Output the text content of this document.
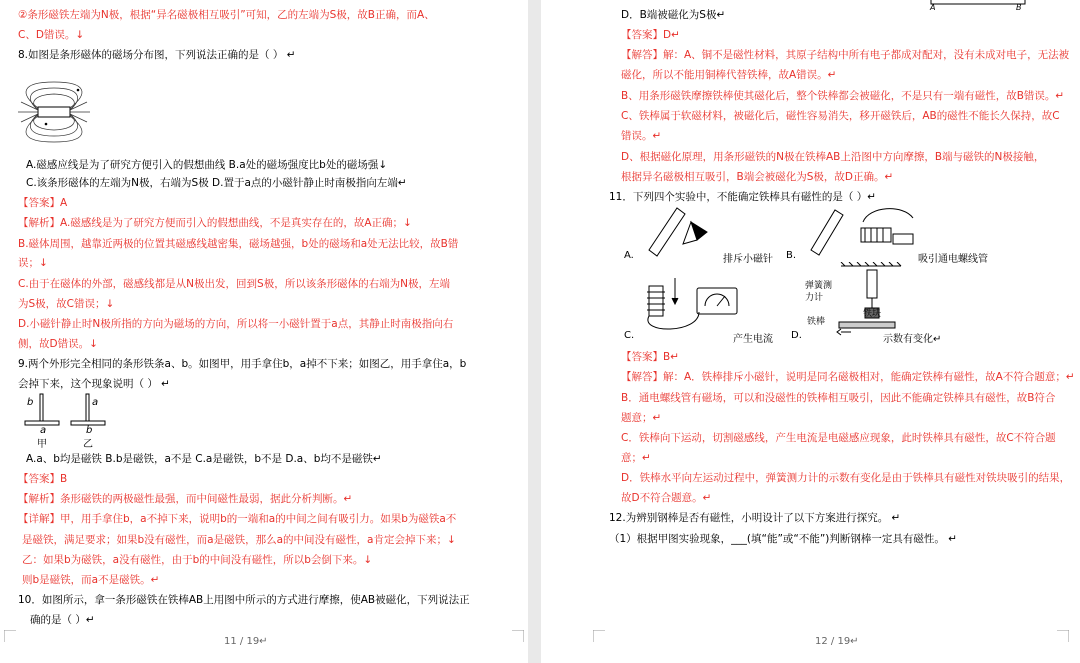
②条形磁铁左端为N极，根据“异名磁极相互吸引”可知，乙的左端为S极，故B正确，而A、
C、D错误。↓
8.如图是条形磁体的磁场分布图，下列说法正确的是（ ） ↵
A.磁感应线是为了研究方便引入的假想曲线 B.a处的磁场强度比b处的磁场强↓
C.该条形磁体的左端为N极，右端为S极 D.置于a点的小磁针静止时南极指向左端↵
【答案】A
【解析】A.磁感线是为了研究方便而引入的假想曲线，不是真实存在的，故A正确；↓
B.磁体周围，越靠近两极的位置其磁感线越密集，磁场越强，b处的磁场和a处无法比较，故B错
误；↓
C.由于在磁体的外部，磁感线都是从N极出发，回到S极，所以该条形磁体的右端为N极，左端
为S极，故C错误；↓
D.小磁针静止时N极所指的方向为磁场的方向，所以将一小磁针置于a点，其静止时南极指向右
侧，故D错误。↓
9.两个外形完全相同的条形铁条a、b。如图甲，用手拿住b，a掉不下来；如图乙，用手拿住a，b
会掉下来，这个现象说明（ ） ↵
A.a、b均是磁铁 B.b是磁铁，a不是 C.a是磁铁，b不是 D.a、b均不是磁铁↵
【答案】B
【解析】条形磁铁的两极磁性最强，而中间磁性最弱，据此分析判断。↵
【详解】甲，用手拿住b，a不掉下来，说明b的一端和a的中间之间有吸引力。如果b为磁铁a不
是磁铁，满足要求；如果b没有磁性，而a是磁铁，那么a的中间没有磁性，a肯定会掉下来；↓
乙：如果b为磁铁，a没有磁性，由于b的中间没有磁性，所以b会倒下来。↓
则b是磁铁，而a不是磁铁。↵
10．如图所示，拿一条形磁铁在铁棒AB上用图中所示的方式进行摩擦，使AB被磁化，下列说法正
确的是（ ）↵
b	a
a	b
甲	乙
11 / 19↵
D．B端被磁化为S极↵
【答案】D↵
【解答】解：A、铜不是磁性材料，其原子结构中所有电子都成对配对，没有未成对电子，无法被
磁化，所以不能用铜棒代替铁棒，故A错误。↵
B、用条形磁铁摩擦铁棒使其磁化后，整个铁棒都会被磁化，不是只有一端有磁性，故B错误。↵
C、铁棒属于软磁材料，被磁化后，磁性容易消失，移开磁铁后，AB的磁性不能长久保持，故C
错误。↵
D、根据磁化原理，用条形磁铁的N极在铁棒AB上沿图中方向摩擦，B端与磁铁的N极接触，
根据异名磁极相互吸引，B端会被磁化为S极，故D正确。↵
11．下列四个实验中，不能确定铁棒具有磁性的是（ ）↵
【答案】B↵
【解答】解：A．铁棒排斥小磁针，说明是同名磁极相对，能确定铁棒有磁性，故A不符合题意；↵
B．通电螺线管有磁场，可以和没磁性的铁棒相互吸引，因此不能确定铁棒具有磁性，故B符合
题意；↵
C．铁棒向下运动，切割磁感线，产生电流是电磁感应现象，此时铁棒具有磁性，故C不符合题
意；↵
D．铁棒水平向左运动过程中，弹簧测力计的示数有变化是由于铁棒具有磁性对铁块吸引的结果，
故D不符合题意。↵
12.为辨别钢棒是否有磁性，小明设计了以下方案进行探究。 ↵
（1）根据甲图实验现象，___(填“能”或“不能”)判断钢棒一定具有磁性。 ↵
A	B
A.	排斥小磁针 B.	吸引通电螺线管
C.	产生电流 D.
弹簧测
力计
铁块
铁棒
示数有变化↵
12 / 19↵
